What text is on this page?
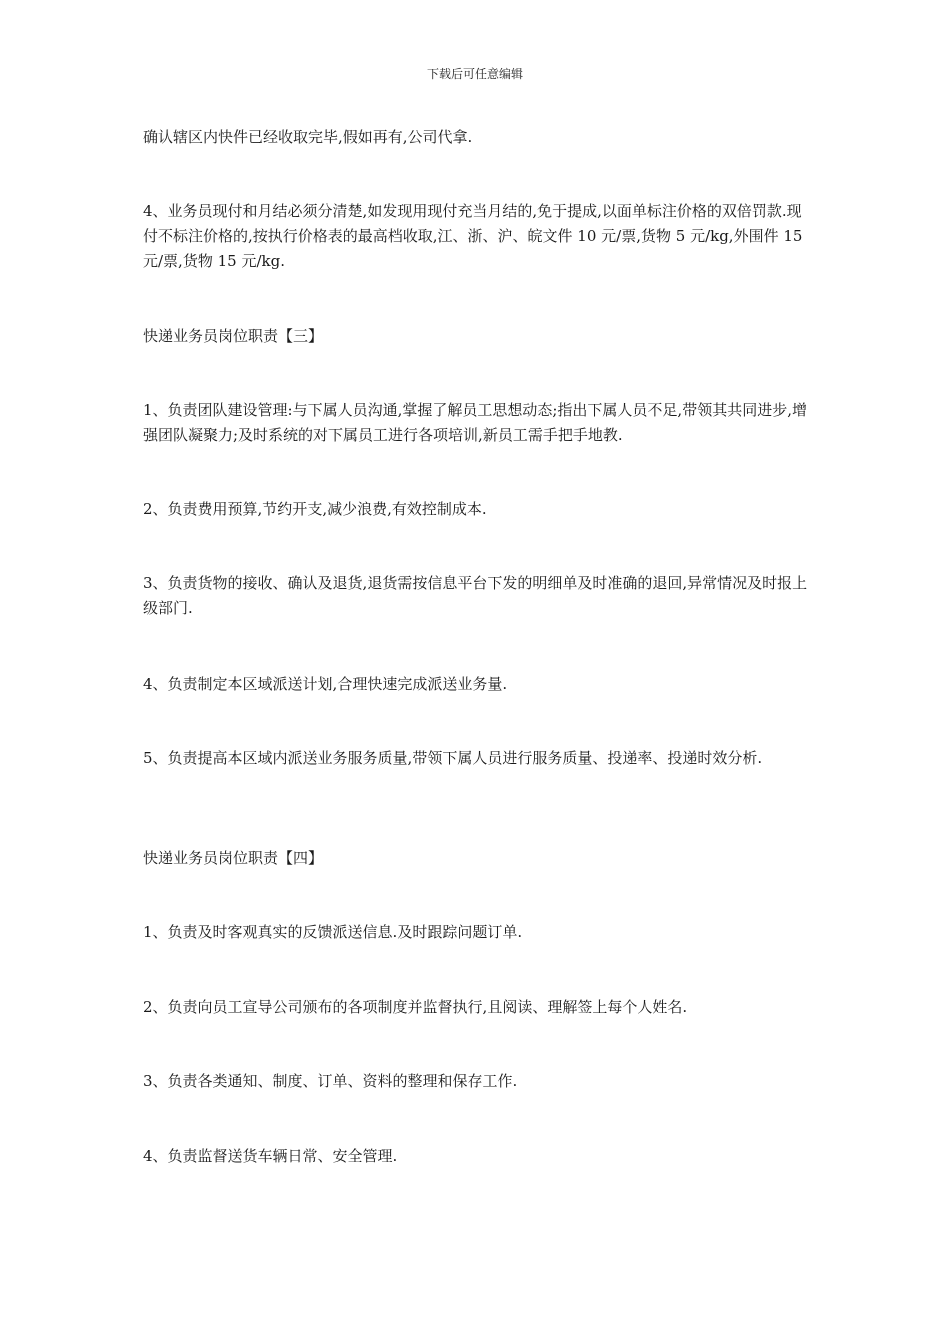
下载后可任意编辑

确认辖区内快件已经收取完毕,假如再有,公司代拿.

4、业务员现付和月结必须分清楚,如发现用现付充当月结的,免于提成,以面单标注价格的双倍罚款.现付不标注价格的,按执行价格表的最高档收取,江、浙、沪、皖文件 10 元/票,货物 5 元/kg,外围件 15 元/票,货物 15 元/kg.

快递业务员岗位职责【三】

1、负责团队建设管理:与下属人员沟通,掌握了解员工思想动态;指出下属人员不足,带领其共同进步,增强团队凝聚力;及时系统的对下属员工进行各项培训,新员工需手把手地教.

2、负责费用预算,节约开支,减少浪费,有效控制成本.

3、负责货物的接收、确认及退货,退货需按信息平台下发的明细单及时准确的退回,异常情况及时报上级部门.

4、负责制定本区域派送计划,合理快速完成派送业务量.

5、负责提高本区域内派送业务服务质量,带领下属人员进行服务质量、投递率、投递时效分析.

快递业务员岗位职责【四】

1、负责及时客观真实的反馈派送信息.及时跟踪问题订单.

2、负责向员工宣导公司颁布的各项制度并监督执行,且阅读、理解签上每个人姓名.

3、负责各类通知、制度、订单、资料的整理和保存工作.

4、负责监督送货车辆日常、安全管理.
